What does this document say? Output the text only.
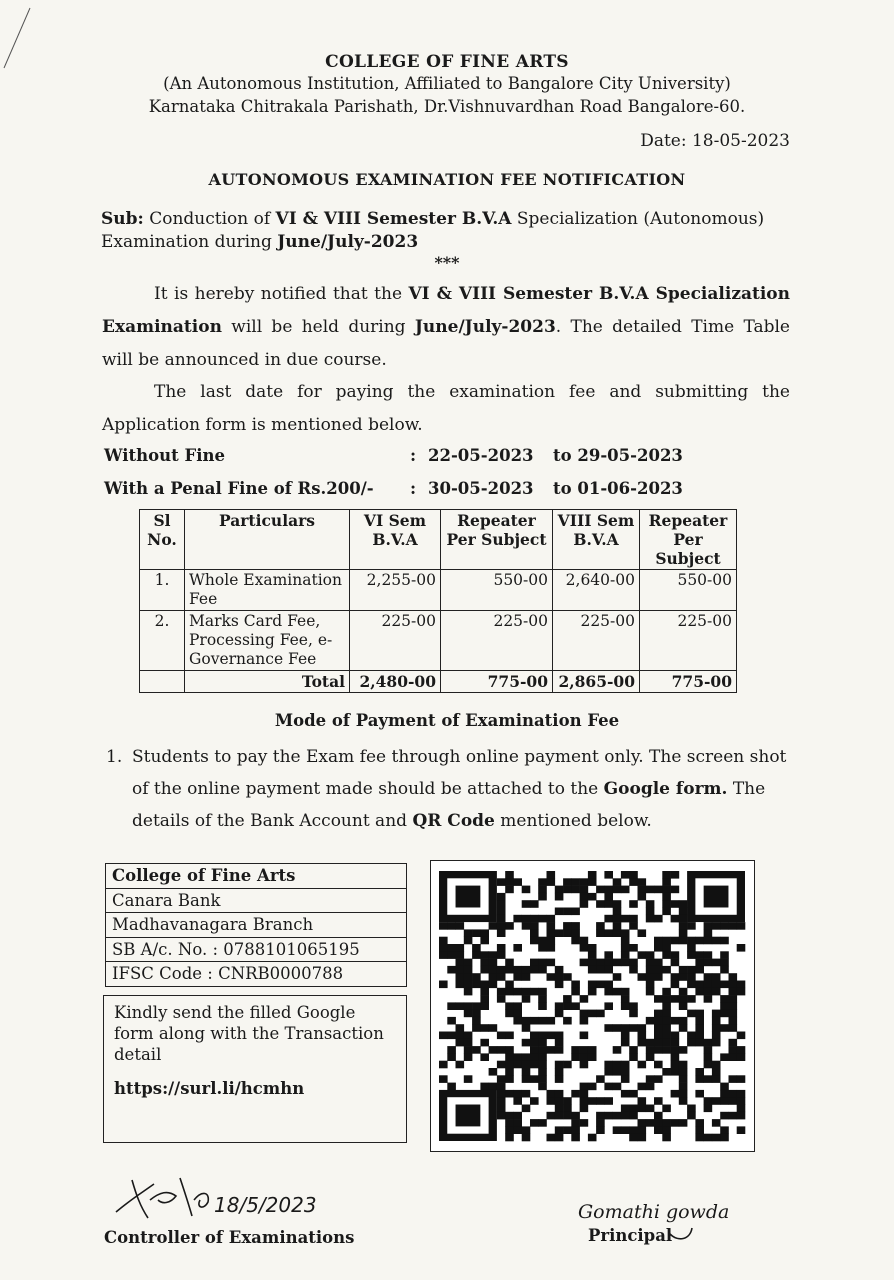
COLLEGE OF FINE ARTS
(An Autonomous Institution, Affiliated to Bangalore City University)
Karnataka Chitrakala Parishath, Dr.Vishnuvardhan Road Bangalore-60.
Date: 18-05-2023
AUTONOMOUS EXAMINATION FEE NOTIFICATION
Sub: Conduction of VI & VIII Semester B.V.A Specialization (Autonomous) Examination during June/July-2023
***
It is hereby notified that the VI & VIII Semester B.V.A Specialization Examination will be held during June/July-2023. The detailed Time Table will be announced in due course.
The last date for paying the examination fee and submitting the Application form is mentioned below.
Without Fine	: 22-05-2023 to 29-05-2023
With a Penal Fine of Rs.200/- : 30-05-2023 to 01-06-2023
Sl No.	Particulars	VI Sem B.V.A	Repeater Per Subject	VIII Sem B.V.A	Repeater Per Subject
1.	Whole Examination Fee	2,255-00	550-00	2,640-00	550-00
2.	Marks Card Fee, Processing Fee, e-Governance Fee	225-00	225-00	225-00	225-00
	Total	2,480-00	775-00	2,865-00	775-00
Mode of Payment of Examination Fee
1. Students to pay the Exam fee through online payment only. The screen shot of the online payment made should be attached to the Google form. The details of the Bank Account and QR Code mentioned below.
College of Fine Arts
Canara Bank
Madhavanagara Branch
SB A/c. No. : 0788101065195
IFSC Code : CNRB0000788
Kindly send the filled Google form along with the Transaction detail
https://surl.li/hcmhn
18/5/2023
Controller of Examinations
Gomathi gowda
Principal
